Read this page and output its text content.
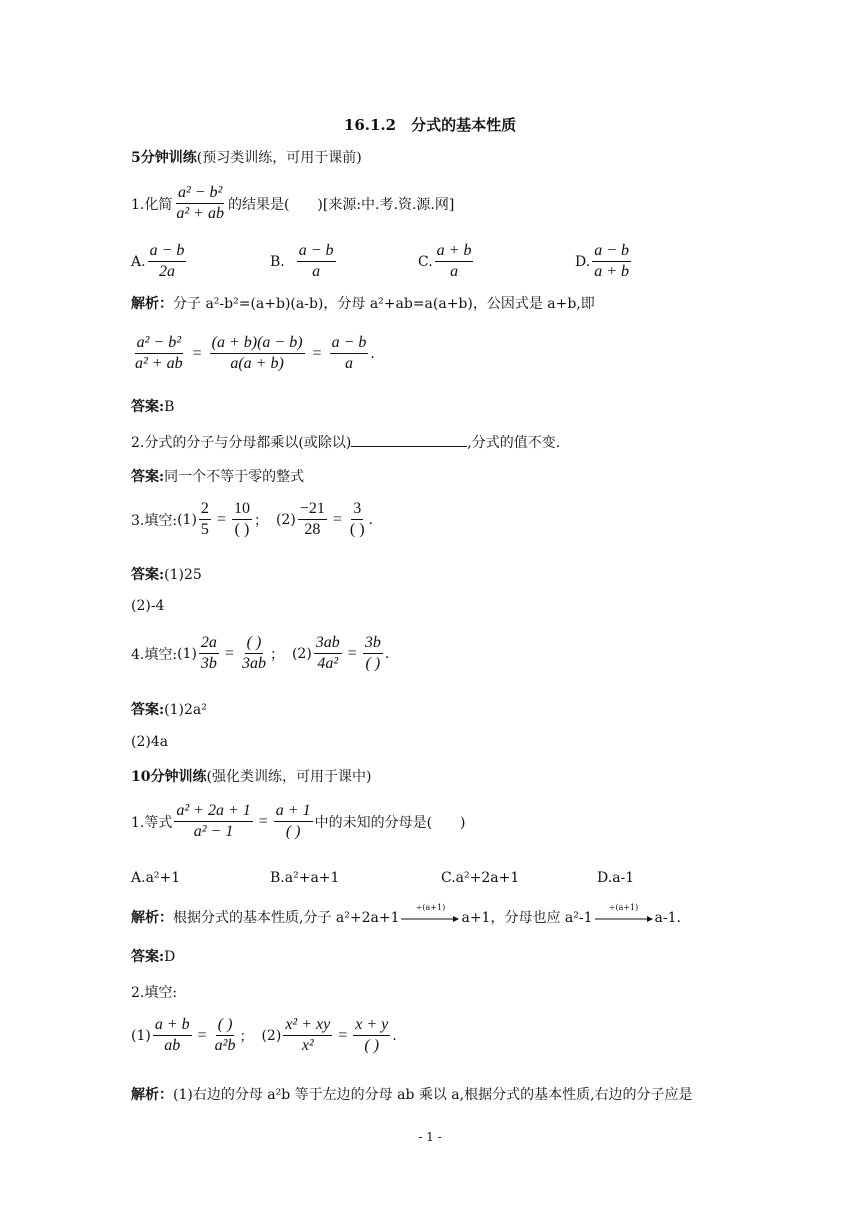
16.1.2　分式的基本性质
5分钟训练(预习类训练，可用于课前)
1.化简 $\frac{\text{a² − b²}}{\text{a² + ab}}$ 的结果是(　　)[来源:中.考.资.源.网]
A. $\frac{a - b}{2a}$	B. $\frac{a - b}{a}$	C. $\frac{a + b}{a}$	D. $\frac{a - b}{a + b}$
解析：分子 a²-b²=(a+b)(a-b)，分母 a²+ab=a(a+b)，公因式是 a+b,即
$\frac{\text{a² − b²}}{\text{a² + ab}} = \frac{(a + b)(a - b)}{a(a + b)} = \frac{a - b}{a}$ .
答案:B
2.分式的分子与分母都乘以(或除以)	,分式的值不变.
答案:同一个不等于零的整式
3.填空: $(1) \frac{2}{5} = \frac{10}{( )}$ ； $(2) \frac{-21}{28} = \frac{3}{( )}$ .
答案:(1)25
(2)-4
4.填空: $(1) \frac{2a}{3b} = \frac{( )}{3ab}$ ； $(2) \frac{3ab}{\text{4a²}} = \frac{3b}{( )}$ .
答案:(1)2a²
(2)4a
10分钟训练(强化类训练，可用于课中)
1.等式 $\frac{\text{a² + 2a + 1}}{\text{a² − 1}} = \frac{a + 1}{( )}$ 中的未知的分母是(　　)
A.a²+1	B.a²+a+1	C.a²+2a+1	D.a-1
解析：根据分式的基本性质,分子 a²+2a+1
÷(a+1)
a+1，分母也应 a²-1
÷(a+1)
a-1.
答案:D
2.填空:
$(1) \frac{a + b}{ab} = \frac{( )}{\text{a²b}}$ ； $(2) \frac{\text{x² + xy}}{\text{x²}} = \frac{x + y}{( )}$ .
解析：(1)右边的分母 a²b 等于左边的分母 ab 乘以 a,根据分式的基本性质,右边的分子应是
- 1 -
